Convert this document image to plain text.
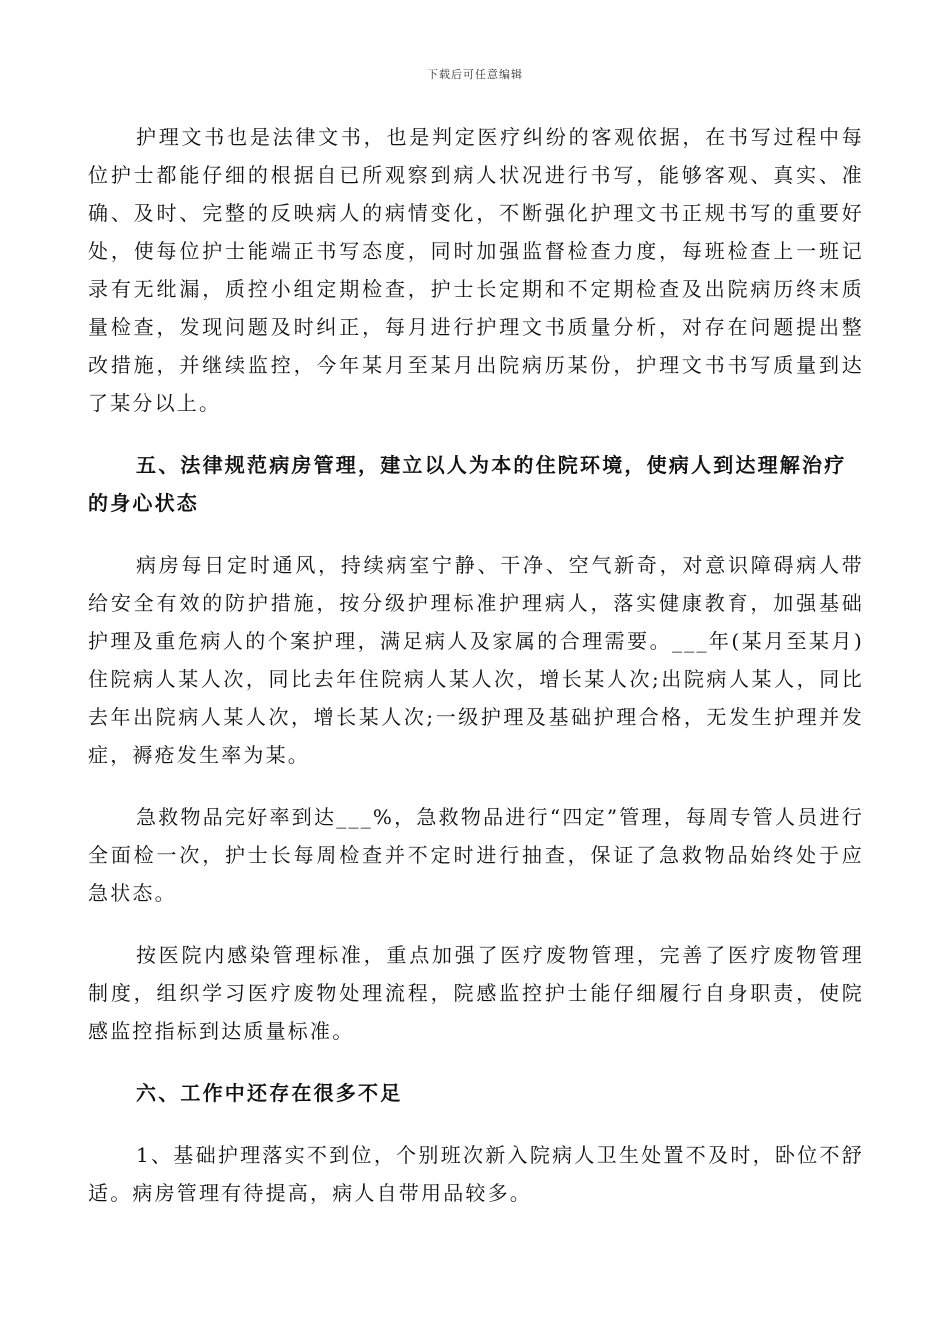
下载后可任意编辑

护理文书也是法律文书，也是判定医疗纠纷的客观依据，在书写过程中每位护士都能仔细的根据自已所观察到病人状况进行书写，能够客观、真实、准确、及时、完整的反映病人的病情变化，不断强化护理文书正规书写的重要好处，使每位护士能端正书写态度，同时加强监督检查力度，每班检查上一班记录有无纰漏，质控小组定期检查，护士长定期和不定期检查及出院病历终末质量检查，发现问题及时纠正，每月进行护理文书质量分析，对存在问题提出整改措施，并继续监控，今年某月至某月出院病历某份，护理文书书写质量到达了某分以上。

五、法律规范病房管理，建立以人为本的住院环境，使病人到达理解治疗的身心状态

病房每日定时通风，持续病室宁静、干净、空气新奇，对意识障碍病人带给安全有效的防护措施，按分级护理标准护理病人，落实健康教育，加强基础护理及重危病人的个案护理，满足病人及家属的合理需要。___年(某月至某月)住院病人某人次，同比去年住院病人某人次，增长某人次;出院病人某人，同比去年出院病人某人次，增长某人次;一级护理及基础护理合格，无发生护理并发症，褥疮发生率为某。

急救物品完好率到达___%，急救物品进行“四定”管理，每周专管人员进行全面检一次，护士长每周检查并不定时进行抽查，保证了急救物品始终处于应急状态。

按医院内感染管理标准，重点加强了医疗废物管理，完善了医疗废物管理制度，组织学习医疗废物处理流程，院感监控护士能仔细履行自身职责，使院感监控指标到达质量标准。

六、工作中还存在很多不足

1、基础护理落实不到位，个别班次新入院病人卫生处置不及时，卧位不舒适。病房管理有待提高，病人自带用品较多。
